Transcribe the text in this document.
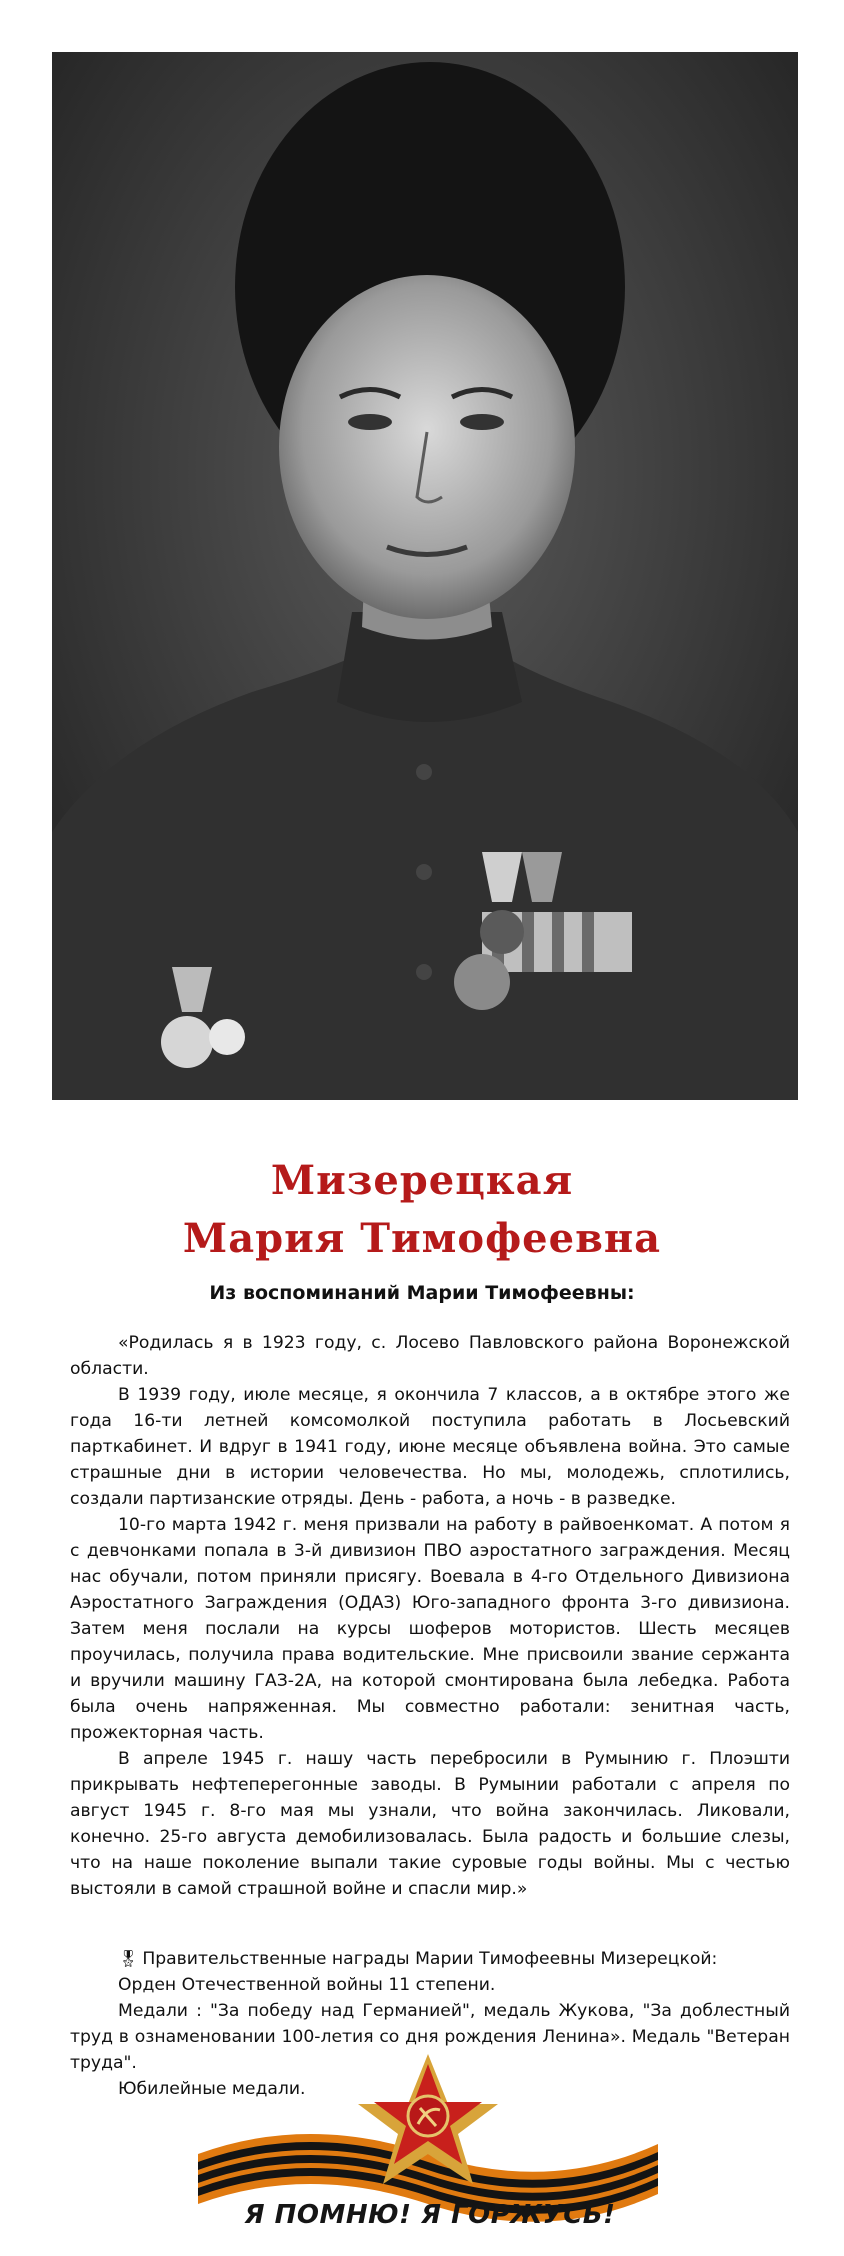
Мизерецкая
Мария Тимофеевна
Из воспоминаний Марии Тимофеевны:

«Родилась я в 1923 году, с. Лосево Павловского района Воронежской области.

В 1939 году, июле месяце, я окончила 7 классов, а в октябре этого же года 16-ти летней комсомолкой поступила работать в Лосьевский парткабинет. И вдруг в 1941 году, июне месяце объявлена война. Это самые страшные дни в истории человечества. Но мы, молодежь, сплотились, создали партизанские отряды. День - работа, а ночь - в разведке.

10-го марта 1942 г. меня призвали на работу в райвоенкомат. А потом я с девчонками попала в 3-й дивизион ПВО аэростатного заграждения. Месяц нас обучали, потом приняли присягу. Воевала в 4-го Отдельного Дивизиона Аэростатного Заграждения (ОДАЗ) Юго-западного фронта 3-го дивизиона. Затем меня послали на курсы шоферов мотористов. Шесть месяцев проучилась, получила права водительские. Мне присвоили звание сержанта и вручили машину ГАЗ-2А, на которой смонтирована была лебедка. Работа была очень напряженная. Мы совместно работали: зенитная часть, прожекторная часть.

В апреле 1945 г. нашу часть перебросили в Румынию г. Плоэшти прикрывать нефтеперегонные заводы. В Румынии работали с апреля по август 1945 г. 8-го мая мы узнали, что война закончилась. Ликовали, конечно. 25-го августа демобилизовалась. Была радость и большие слезы, что на наше поколение выпали такие суровые годы войны. Мы с честью выстояли в самой страшной войне и спасли мир.»

🎖 Правительственные награды Марии Тимофеевны Мизерецкой:

Орден Отечественной войны 11 степени.

Медали : "За победу над Германией", медаль Жукова, "За доблестный труд в ознаменовании 100-летия со дня рождения Ленина». Медаль "Ветеран труда".

Юбилейные медали.

Я ПОМНЮ! Я ГОРЖУСЬ!
